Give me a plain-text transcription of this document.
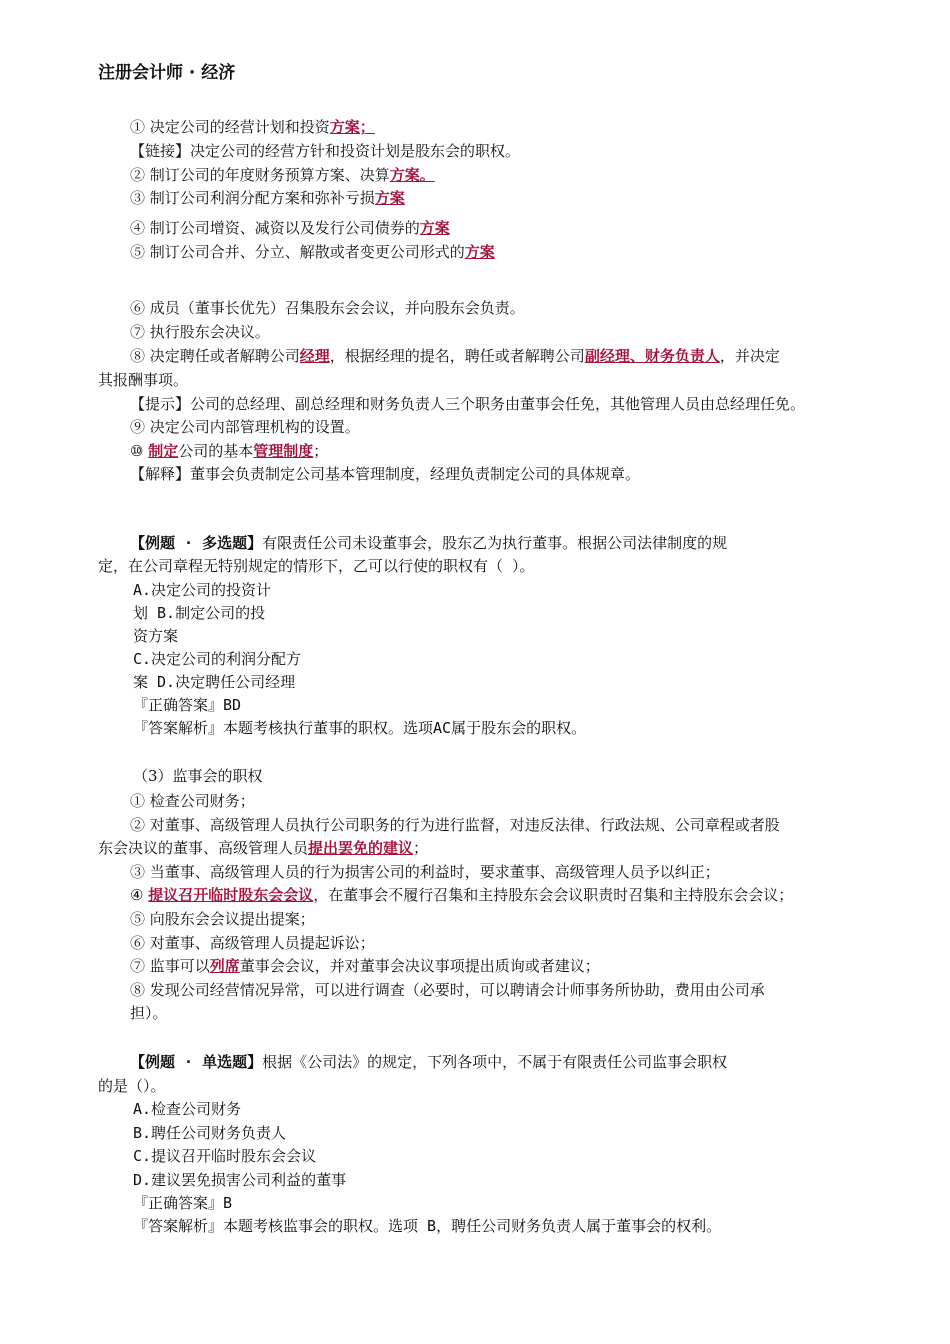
注册会计师 · 经济
① 决定公司的经营计划和投资方案；
【链接】决定公司的经营方针和投资计划是股东会的职权。
② 制订公司的年度财务预算方案、决算方案。
③ 制订公司利润分配方案和弥补亏损方案
④ 制订公司增资、减资以及发行公司债券的方案
⑤ 制订公司合并、分立、解散或者变更公司形式的方案
⑥ 成员（董事长优先）召集股东会会议，并向股东会负责。
⑦ 执行股东会决议。
⑧ 决定聘任或者解聘公司经理，根据经理的提名，聘任或者解聘公司副经理、财务负责人，并决定
其报酬事项。
【提示】公司的总经理、副总经理和财务负责人三个职务由董事会任免，其他管理人员由总经理任免。
⑨ 决定公司内部管理机构的设置。
⑩ 制定公司的基本管理制度；
【解释】董事会负责制定公司基本管理制度，经理负责制定公司的具体规章。
【例题 · 多选题】有限责任公司未设董事会，股东乙为执行董事。根据公司法律制度的规
定，在公司章程无特别规定的情形下，乙可以行使的职权有（ ）。
A.决定公司的投资计
划 B.制定公司的投
资方案
C.决定公司的利润分配方
案 D.决定聘任公司经理
『正确答案』BD
『答案解析』本题考核执行董事的职权。选项AC属于股东会的职权。
（3）监事会的职权
① 检查公司财务；
② 对董事、高级管理人员执行公司职务的行为进行监督，对违反法律、行政法规、公司章程或者股
东会决议的董事、高级管理人员提出罢免的建议；
③ 当董事、高级管理人员的行为损害公司的利益时，要求董事、高级管理人员予以纠正；
④ 提议召开临时股东会会议，在董事会不履行召集和主持股东会会议职责时召集和主持股东会会议；
⑤ 向股东会会议提出提案；
⑥ 对董事、高级管理人员提起诉讼；
⑦ 监事可以列席董事会会议，并对董事会决议事项提出质询或者建议；
⑧ 发现公司经营情况异常，可以进行调查（必要时，可以聘请会计师事务所协助，费用由公司承
担）。
【例题 · 单选题】根据《公司法》的规定，下列各项中，不属于有限责任公司监事会职权
的是（）。
A.检查公司财务
B.聘任公司财务负责人
C.提议召开临时股东会会议
D.建议罢免损害公司利益的董事
『正确答案』B
『答案解析』本题考核监事会的职权。选项 B，聘任公司财务负责人属于董事会的权利。
